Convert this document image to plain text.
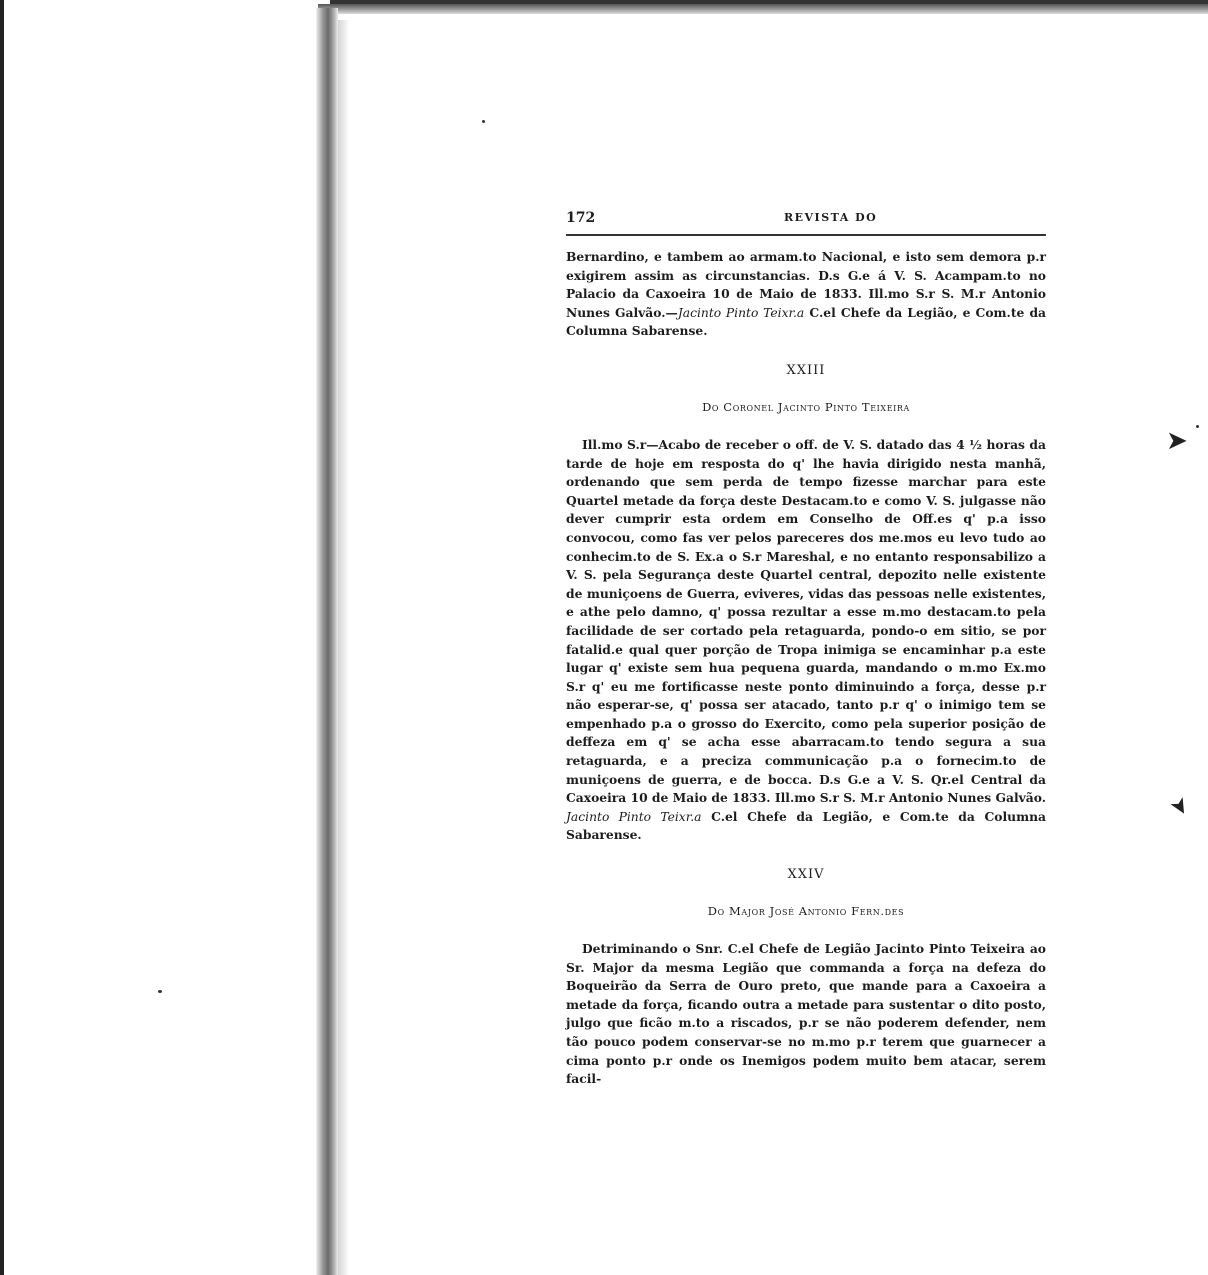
➤
➤
172	REVISTA DO

Bernardino, e tambem ao armam.to Nacional, e isto sem demora p.r exigirem assim as circunstancias. D.s G.e á V. S. Acampam.to no Palacio da Caxoeira 10 de Maio de 1833. Ill.mo S.r S. M.r Antonio Nunes Galvão.—Jacinto Pinto Teixr.a C.el Chefe da Legião, e Com.te da Columna Sabarense.

XXIII
Do Coronel Jacinto Pinto Teixeira

Ill.mo S.r—Acabo de receber o off. de V. S. datado das 4 ½ horas da tarde de hoje em resposta do q' lhe havia dirigido nesta manhã, ordenando que sem perda de tempo fizesse marchar para este Quartel metade da força deste Destacam.to e como V. S. julgasse não dever cumprir esta ordem em Conselho de Off.es q' p.a isso convocou, como fas ver pelos pareceres dos me.mos eu levo tudo ao conhecim.to de S. Ex.a o S.r Mareshal, e no entanto responsabilizo a V. S. pela Segurança deste Quartel central, depozito nelle existente de muniçoens de Guerra, eviveres, vidas das pessoas nelle existentes, e athe pelo damno, q' possa rezultar a esse m.mo destacam.to pela facilidade de ser cortado pela retaguarda, pondo-o em sitio, se por fatalid.e qual quer porção de Tropa inimiga se encaminhar p.a este lugar q' existe sem hua pequena guarda, mandando o m.mo Ex.mo S.r q' eu me fortificasse neste ponto diminuindo a força, desse p.r não esperar-se, q' possa ser atacado, tanto p.r q' o inimigo tem se empenhado p.a o grosso do Exercito, como pela superior posição de deffeza em q' se acha esse abarracam.to tendo segura a sua retaguarda, e a preciza communicação p.a o fornecim.to de muniçoens de guerra, e de bocca. D.s G.e a V. S. Qr.el Central da Caxoeira 10 de Maio de 1833. Ill.mo S.r S. M.r Antonio Nunes Galvão. Jacinto Pinto Teixr.a C.el Chefe da Legião, e Com.te da Columna Sabarense.

XXIV
Do Major José Antonio Fern.des

Detriminando o Snr. C.el Chefe de Legião Jacinto Pinto Teixeira ao Sr. Major da mesma Legião que commanda a força na defeza do Boqueirão da Serra de Ouro preto, que mande para a Caxoeira a metade da força, ficando outra a metade para sustentar o dito posto, julgo que ficão m.to a riscados, p.r se não poderem defender, nem tão pouco podem conservar-se no m.mo p.r terem que guarnecer a cima ponto p.r onde os Inemigos podem muito bem atacar, serem facil-
